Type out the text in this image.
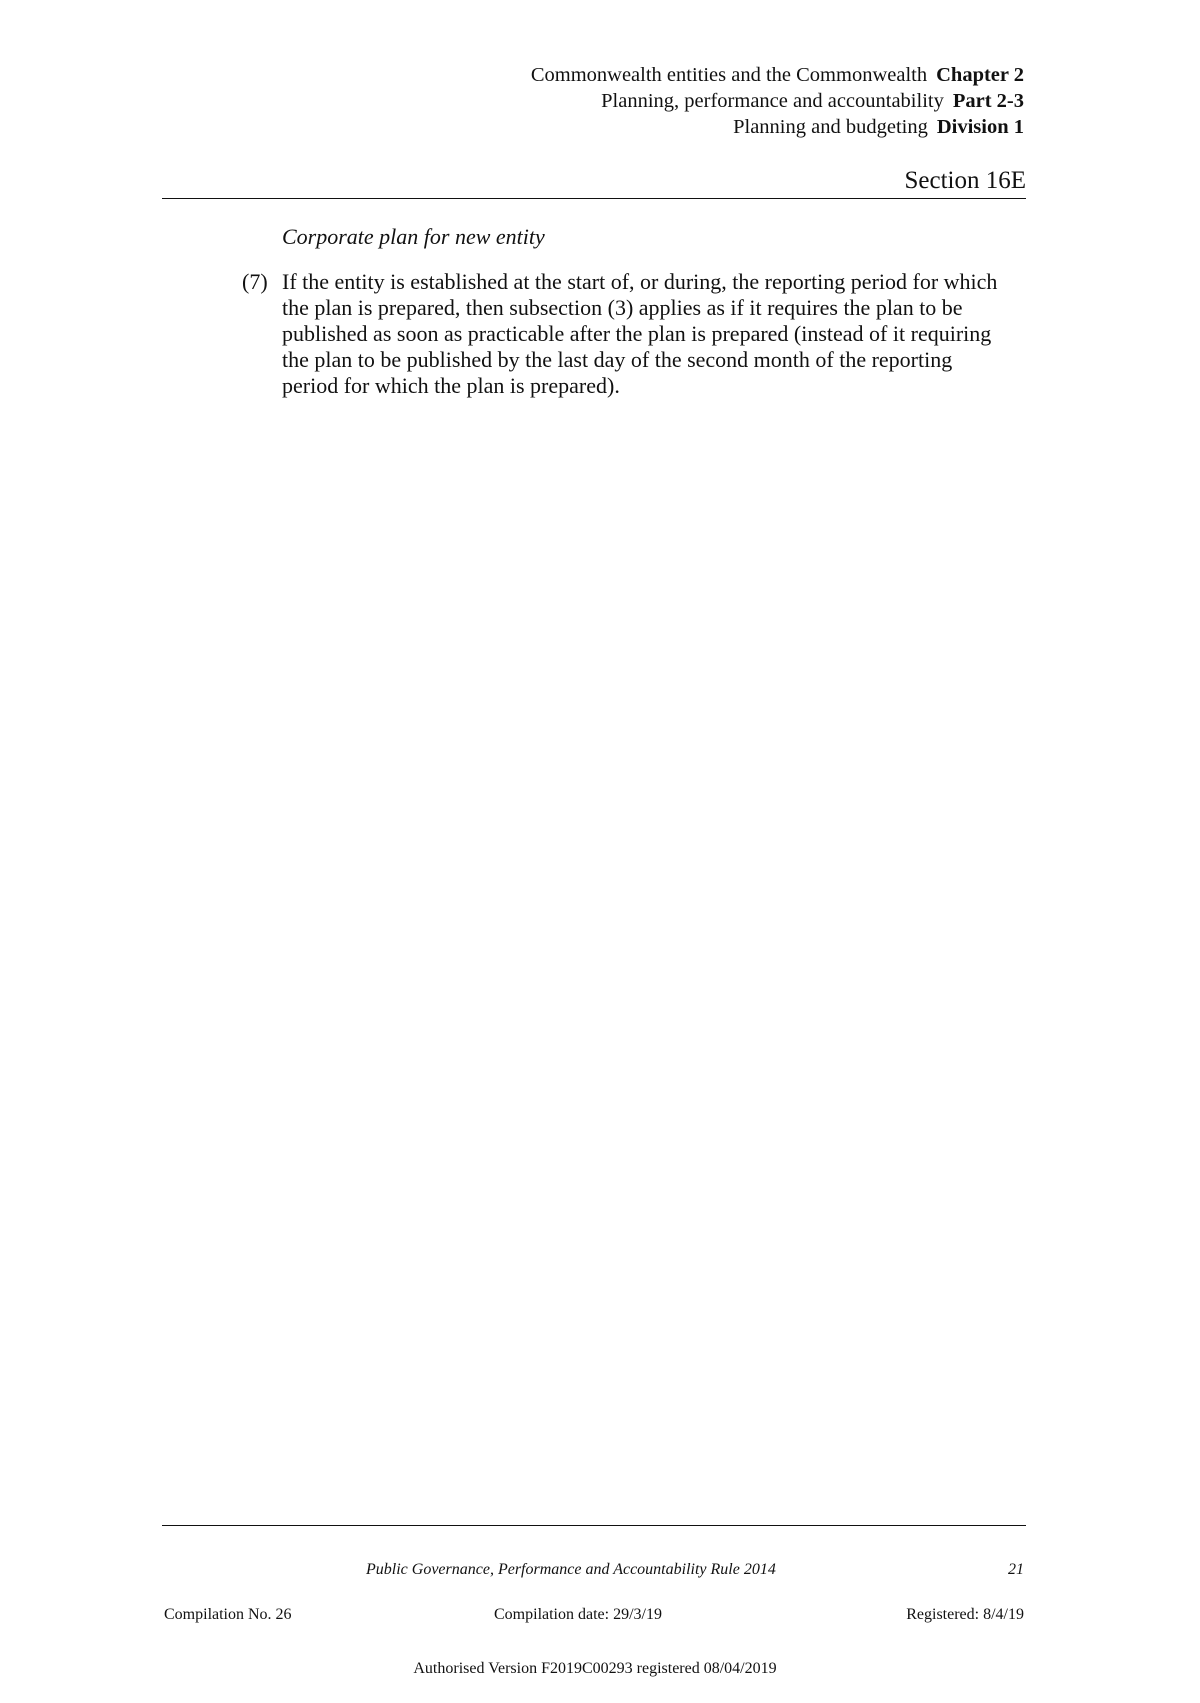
Commonwealth entities and the Commonwealth Chapter 2
Planning, performance and accountability Part 2-3
Planning and budgeting Division 1
Section 16E
Corporate plan for new entity
(7) If the entity is established at the start of, or during, the reporting period for which
the plan is prepared, then subsection (3) applies as if it requires the plan to be
published as soon as practicable after the plan is prepared (instead of it requiring
the plan to be published by the last day of the second month of the reporting
period for which the plan is prepared).
Public Governance, Performance and Accountability Rule 2014	21
Compilation No. 26	Compilation date: 29/3/19	Registered: 8/4/19
Authorised Version F2019C00293 registered 08/04/2019
